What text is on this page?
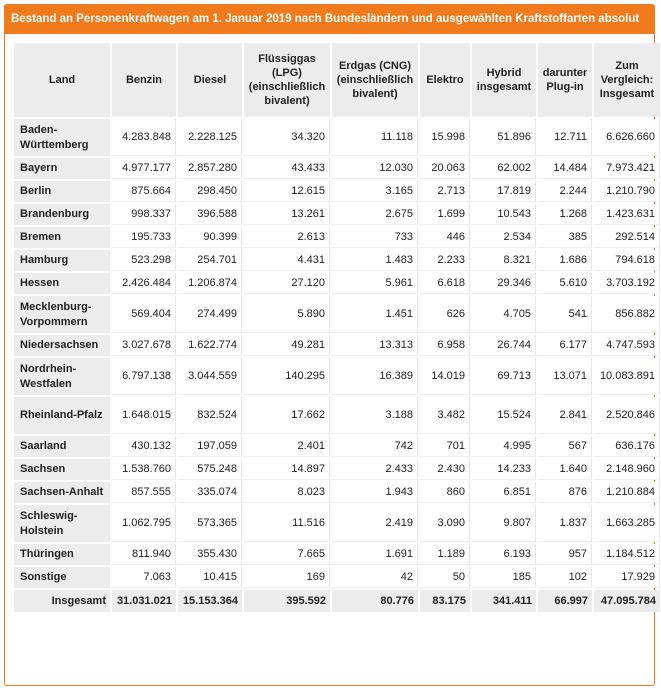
Bestand an Personenkraftwagen am 1. Januar 2019 nach Bundesländern und ausgewählten Kraftstoffarten absolut
Land	Benzin	Diesel	Flüssiggas (LPG) (einschließlich bivalent)	Erdgas (CNG) (einschließlich bivalent)	Elektro	Hybrid insgesamt	darunter Plug-in	Zum Vergleich: Insgesamt
Baden-Württemberg	4.283.848	2.228.125	34.320	11.118	15.998	51.896	12.711	6.626.660
Bayern	4.977.177	2.857.280	43.433	12.030	20.063	62.002	14.484	7.973.421
Berlin	875.664	298.450	12.615	3.165	2.713	17.819	2.244	1.210.790
Brandenburg	998.337	396.588	13.261	2.675	1.699	10.543	1.268	1.423.631
Bremen	195.733	90.399	2.613	733	446	2.534	385	292.514
Hamburg	523.298	254.701	4.431	1.483	2.233	8.321	1.686	794.618
Hessen	2.426.484	1.206.874	27.120	5.961	6.618	29.346	5.610	3.703.192
Mecklenburg-Vorpommern	569.404	274.499	5.890	1.451	626	4.705	541	856.882
Niedersachsen	3.027.678	1.622.774	49.281	13.313	6.958	26.744	6.177	4.747.593
Nordrhein-Westfalen	6.797.138	3.044.559	140.295	16.389	14.019	69.713	13.071	10.083.891
Rheinland-Pfalz	1.648.015	832.524	17.662	3.188	3.482	15.524	2.841	2.520.846
Saarland	430.132	197.059	2.401	742	701	4.995	567	636.176
Sachsen	1.538.760	575.248	14.897	2.433	2.430	14.233	1.640	2.148.960
Sachsen-Anhalt	857.555	335.074	8.023	1.943	860	6.851	876	1.210.884
Schleswig-Holstein	1.062.795	573.365	11.516	2.419	3.090	9.807	1.837	1.663.285
Thüringen	811.940	355.430	7.665	1.691	1.189	6.193	957	1.184.512
Sonstige	7.063	10.415	169	42	50	185	102	17.929
Insgesamt	31.031.021	15.153.364	395.592	80.776	83.175	341.411	66.997	47.095.784
